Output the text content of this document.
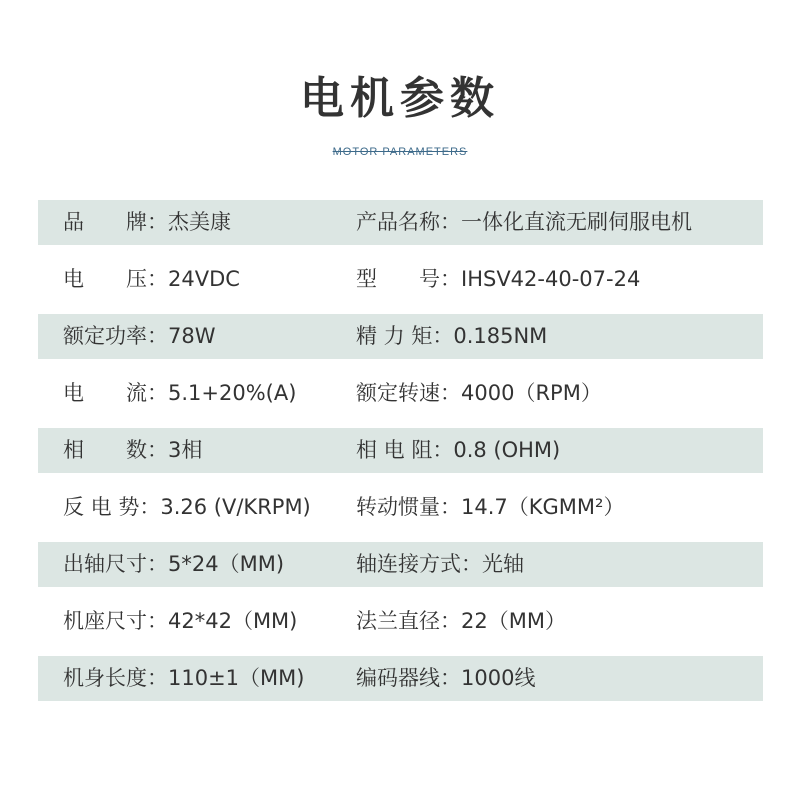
电机参数
MOTOR PARAMETERS
品　　牌：杰美康	产品名称：一体化直流无刷伺服电机
电　　压：24VDC	型　　号：IHSV42-40-07-24
额定功率：78W	精 力 矩：0.185NM
电　　流：5.1+20%(A)	额定转速：4000（RPM）
相　　数：3相	相 电 阻：0.8 (OHM)
反 电 势：3.26 (V/KRPM) 转动惯量：14.7（KGMM²）
出轴尺寸：5*24（MM)	轴连接方式：光轴
机座尺寸：42*42（MM)	法兰直径：22（MM）
机身长度：110±1（MM) 编码器线：1000线
